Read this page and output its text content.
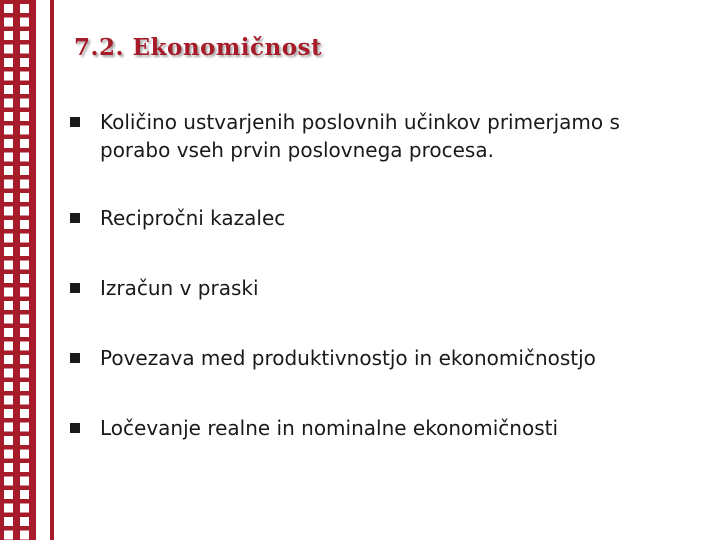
7.2. Ekonomičnost
Količino ustvarjenih poslovnih učinkov primerjamo s porabo vseh prvin poslovnega procesa.
Recipročni kazalec
Izračun v praski
Povezava med produktivnostjo in ekonomičnostjo
Ločevanje realne in nominalne ekonomičnosti
